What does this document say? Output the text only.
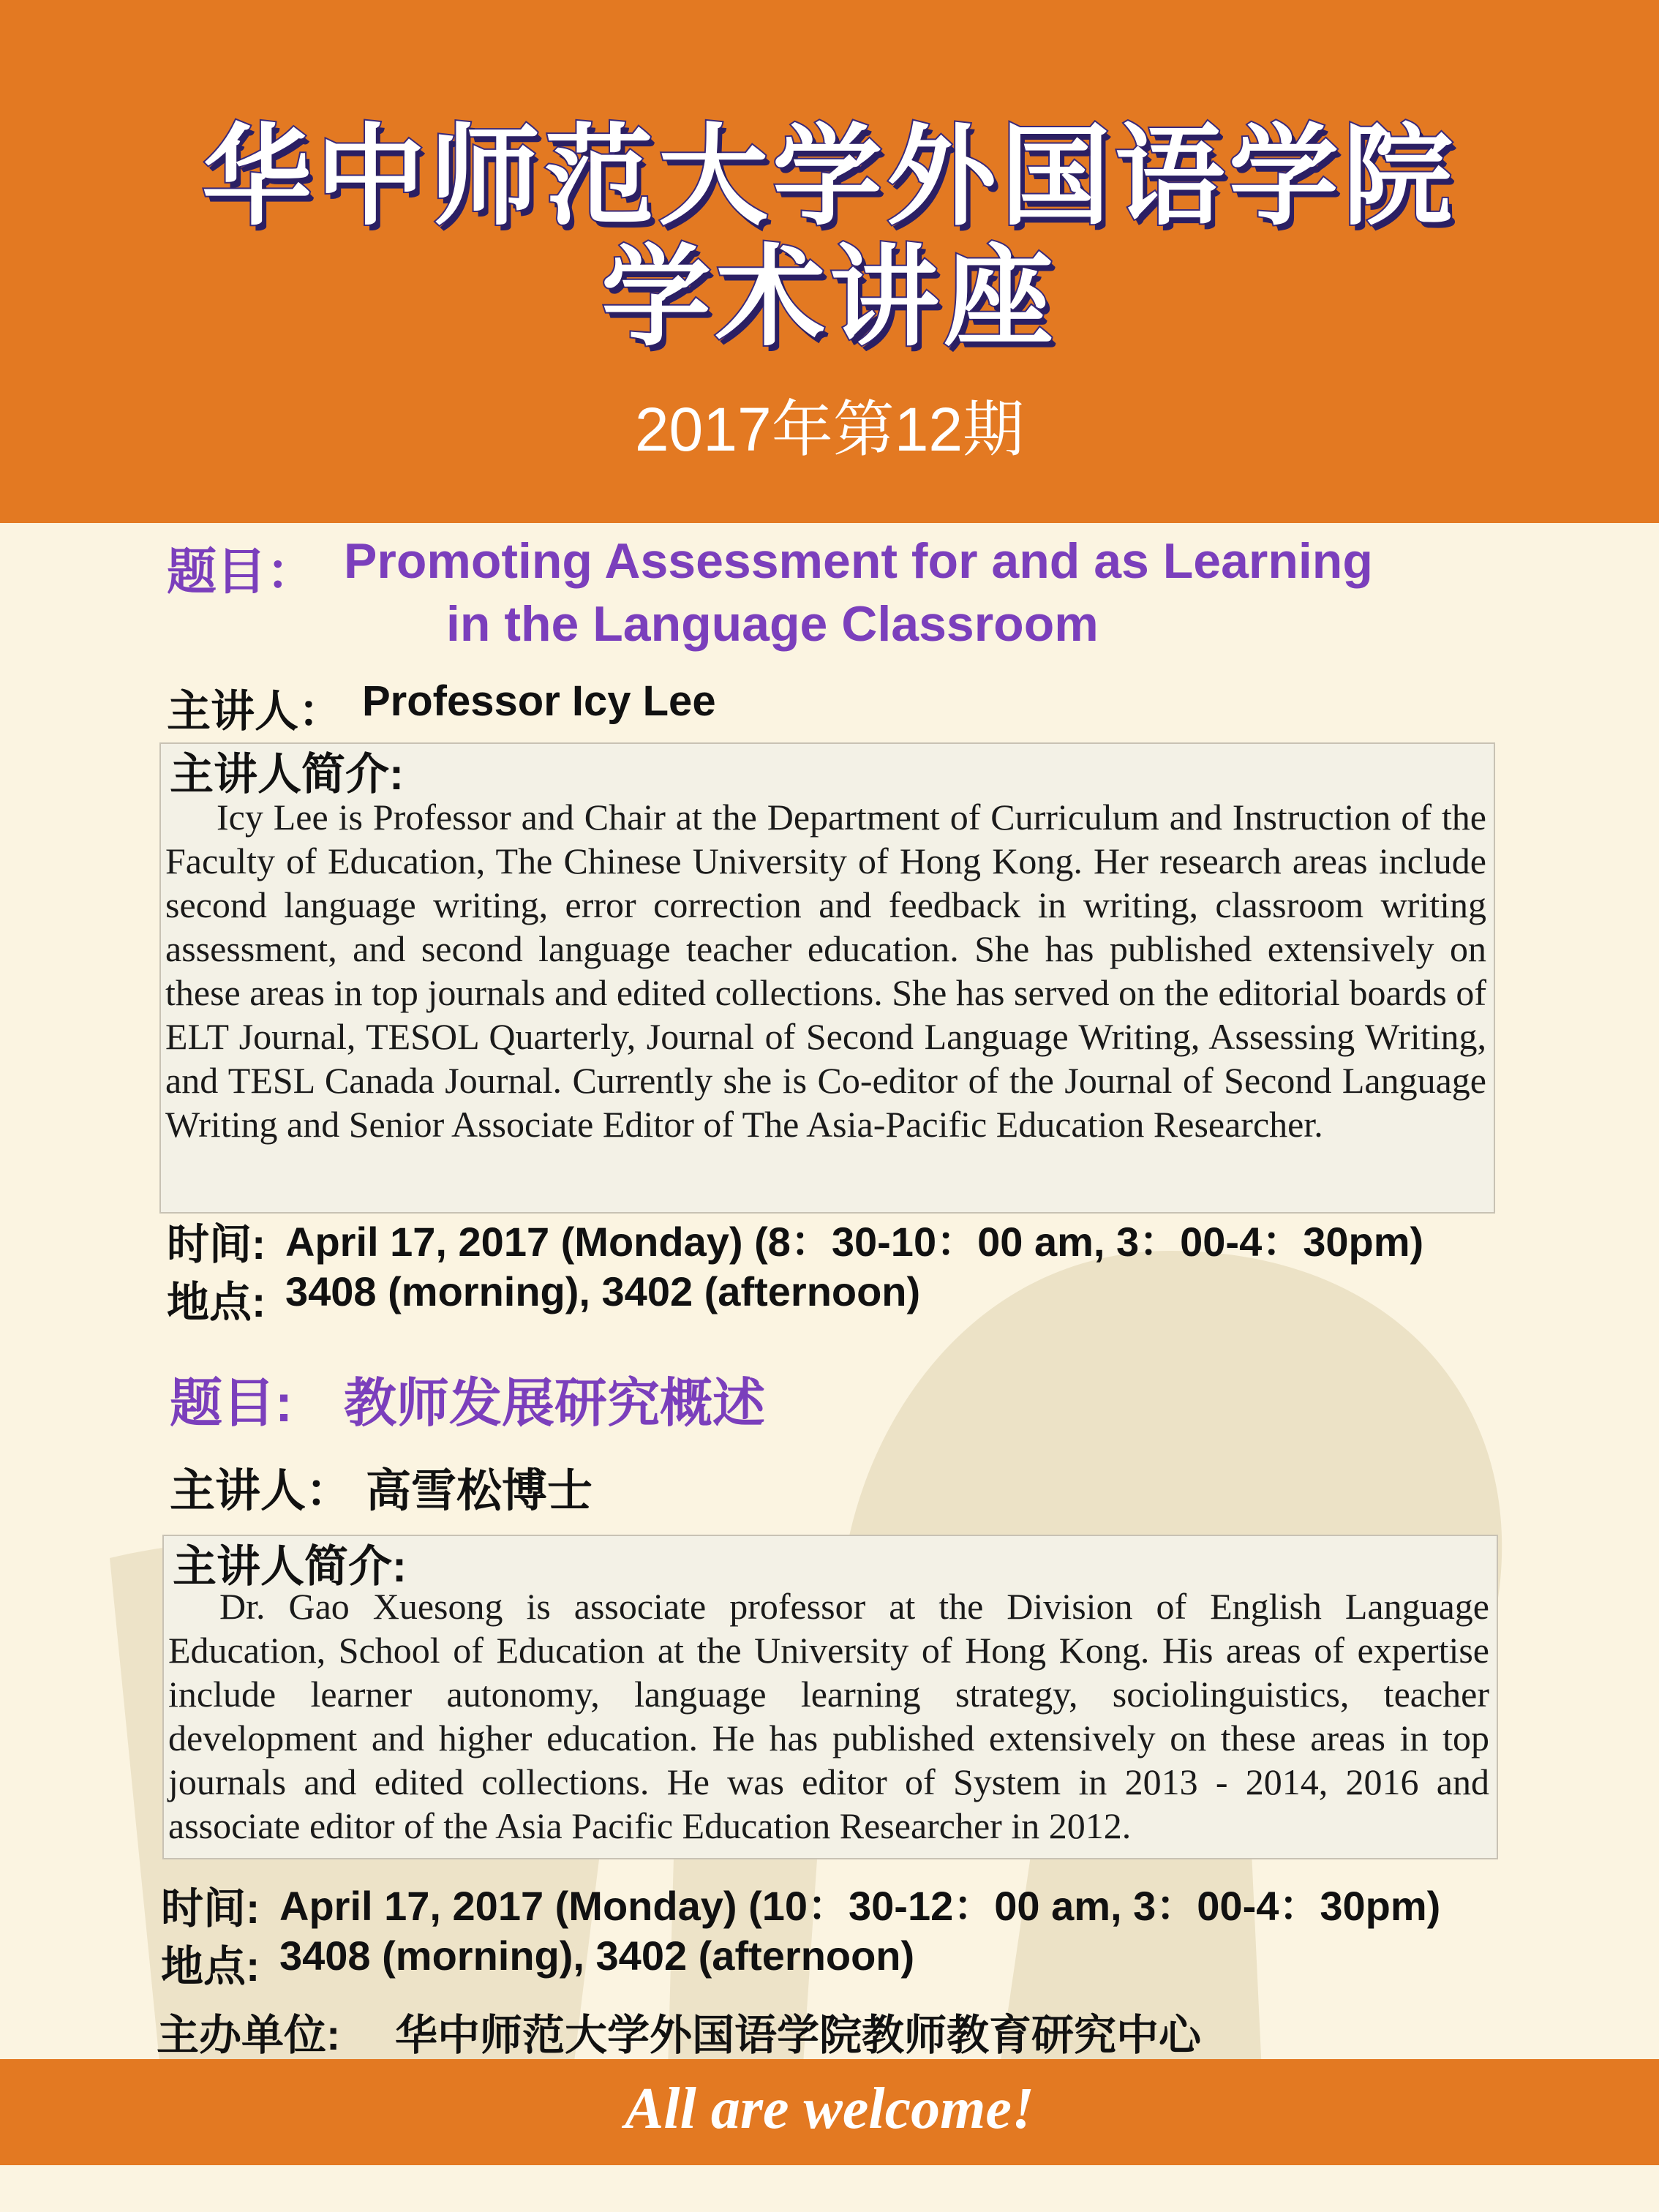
华中师范大学外国语学院
学术讲座
2017年第12期
题目： Promoting Assessment for and as Learning
in the Language Classroom
主讲人： Professor Icy Lee
主讲人简介:

Icy Lee is Professor and Chair at the Department of Curriculum and Instruction of the Faculty of Education, The Chinese University of Hong Kong. Her research areas include second language writing, error correction and feedback in writing, classroom writing assessment, and second language teacher education. She has published extensively on these areas in top journals and edited collections. She has served on the editorial boards of ELT Journal, TESOL Quarterly, Journal of Second Language Writing, Assessing Writing, and TESL Canada Journal. Currently she is Co-editor of the Journal of Second Language Writing and Senior Associate Editor of The Asia-Pacific Education Researcher.

时间: April 17, 2017 (Monday) (8：30-10：00 am, 3：00-4：30pm)
地点: 3408 (morning), 3402 (afternoon)
题目: 教师发展研究概述
主讲人： 高雪松博士
主讲人简介:

Dr. Gao Xuesong is associate professor at the Division of English Language Education, School of Education at the University of Hong Kong. His areas of expertise include learner autonomy, language learning strategy, sociolinguistics, teacher development and higher education. He has published extensively on these areas in top journals and edited collections. He was editor of System in 2013 - 2014, 2016 and associate editor of the Asia Pacific Education Researcher in 2012.

时间: April 17, 2017 (Monday) (10：30-12：00 am, 3：00-4：30pm)
地点: 3408 (morning), 3402 (afternoon)
主办单位: 华中师范大学外国语学院教师教育研究中心
All are welcome!
